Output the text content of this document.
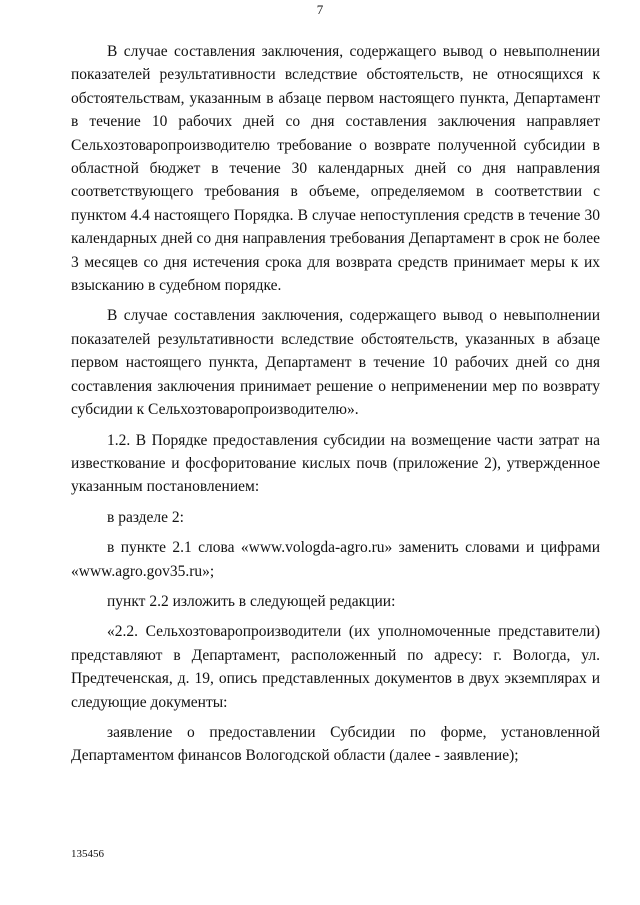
7

В случае составления заключения, содержащего вывод о невыполнении показателей результативности вследствие обстоятельств, не относящихся к обстоятельствам, указанным в абзаце первом настоящего пункта, Департамент в течение 10 рабочих дней со дня составления заключения направляет Сельхозтоваропроизводителю требование о возврате полученной субсидии в областной бюджет в течение 30 календарных дней со дня направления соответствующего требования в объеме, определяемом в соответствии с пунктом 4.4 настоящего Порядка. В случае непоступления средств в течение 30 календарных дней со дня направления требования Департамент в срок не более 3 месяцев со дня истечения срока для возврата средств принимает меры к их взысканию в судебном порядке.

В случае составления заключения, содержащего вывод о невыполнении показателей результативности вследствие обстоятельств, указанных в абзаце первом настоящего пункта, Департамент в течение 10 рабочих дней со дня составления заключения принимает решение о неприменении мер по возврату субсидии к Сельхозтоваропроизводителю».

1.2. В Порядке предоставления субсидии на возмещение части затрат на известкование и фосфоритование кислых почв (приложение 2), утвержденное указанным постановлением:

в разделе 2:

в пункте 2.1 слова «www.vologda-agro.ru» заменить словами и цифрами «www.agro.gov35.ru»;

пункт 2.2 изложить в следующей редакции:

«2.2. Сельхозтоваропроизводители (их уполномоченные представители) представляют в Департамент, расположенный по адресу: г. Вологда, ул. Предтеченская, д. 19, опись представленных документов в двух экземплярах и следующие документы:

заявление о предоставлении Субсидии по форме, установленной Департаментом финансов Вологодской области (далее - заявление);

135456
